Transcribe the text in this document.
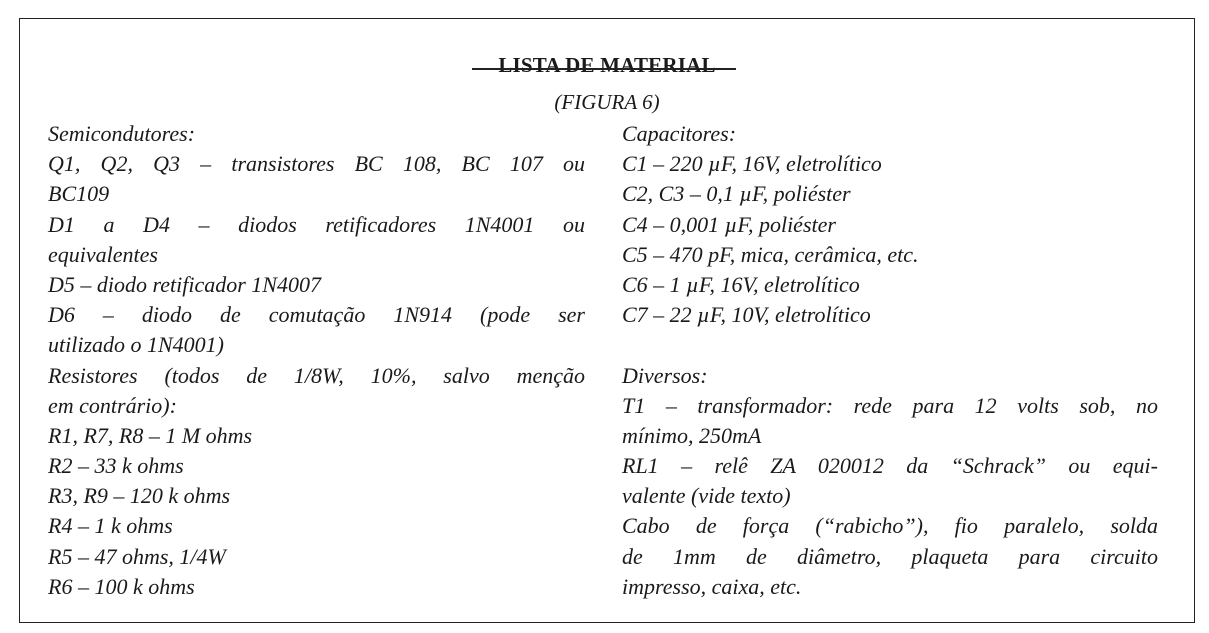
LISTA DE MATERIAL
(FIGURA 6)
Semicondutores:
Q1, Q2, Q3 – transistores BC 108, BC 107 ou
BC109
D1 a D4 – diodos retificadores 1N4001 ou
equivalentes
D5 – diodo retificador 1N4007
D6 – diodo de comutação 1N914 (pode ser
utilizado o 1N4001)
Resistores (todos de 1/8W, 10%, salvo menção
em contrário):
R1, R7, R8 – 1 M ohms
R2 – 33 k ohms
R3, R9 – 120 k ohms
R4 – 1 k ohms
R5 – 47 ohms, 1/4W
R6 – 100 k ohms
Capacitores:
C1 – 220 µF, 16V, eletrolítico
C2, C3 – 0,1 µF, poliéster
C4 – 0,001 µF, poliéster
C5 – 470 pF, mica, cerâmica, etc.
C6 – 1 µF, 16V, eletrolítico
C7 – 22 µF, 10V, eletrolítico
Diversos:
T1 – transformador: rede para 12 volts sob, no
mínimo, 250mA
RL1 – relê ZA 020012 da “Schrack” ou equi-
valente (vide texto)
Cabo de força (“rabicho”), fio paralelo, solda
de 1mm de diâmetro, plaqueta para circuito
impresso, caixa, etc.
